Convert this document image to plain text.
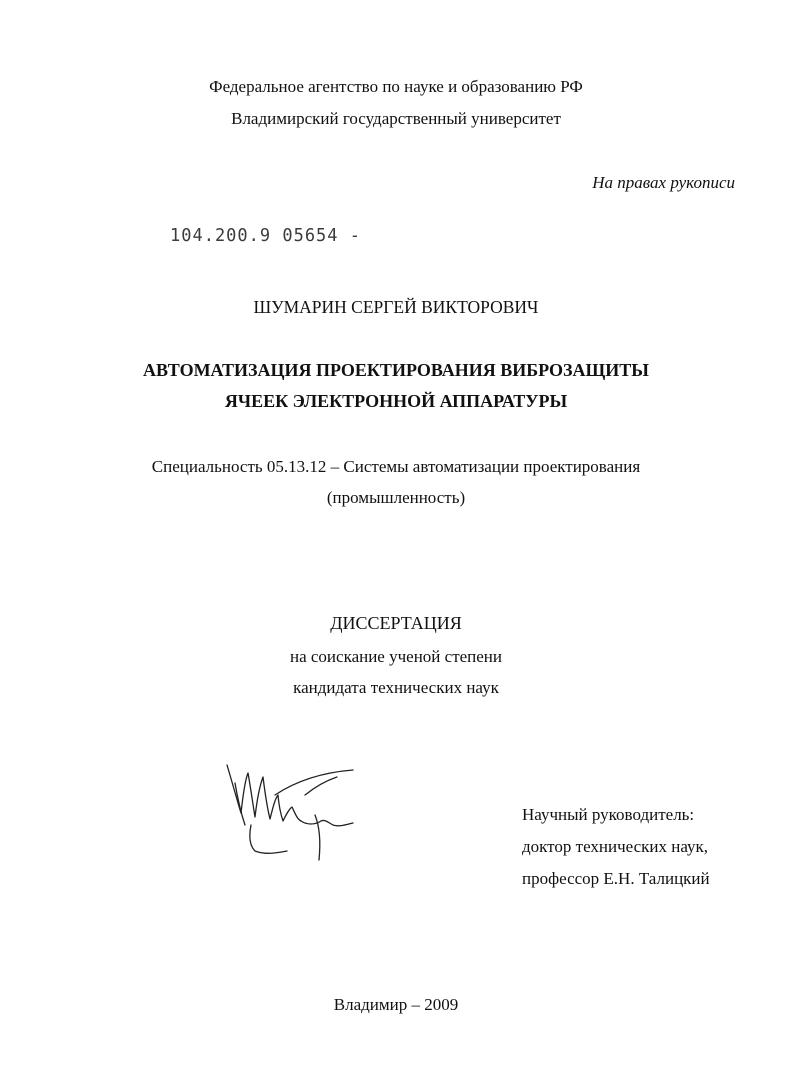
Федеральное агентство по науке и образованию РФ
Владимирский государственный университет
На правах рукописи
104.200.9 05654 -
ШУМАРИН СЕРГЕЙ ВИКТОРОВИЧ
АВТОМАТИЗАЦИЯ ПРОЕКТИРОВАНИЯ ВИБРОЗАЩИТЫ
ЯЧЕЕК ЭЛЕКТРОННОЙ АППАРАТУРЫ
Специальность 05.13.12 – Системы автоматизации проектирования
(промышленность)
ДИССЕРТАЦИЯ
на соискание ученой степени
кандидата технических наук
Научный руководитель:
доктор технических наук,
профессор Е.Н. Талицкий
Владимир – 2009
